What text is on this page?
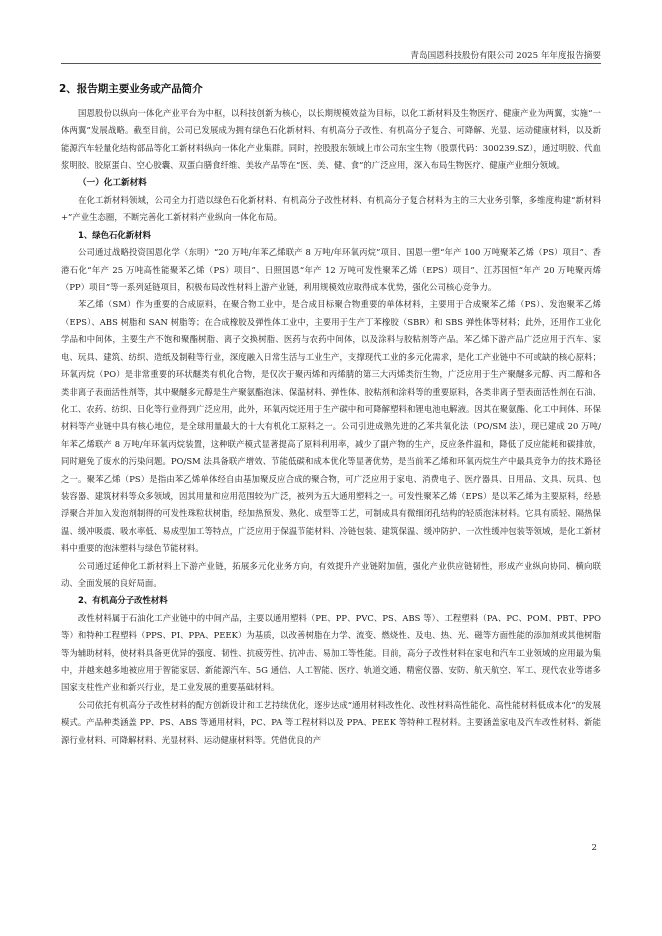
青岛国恩科技股份有限公司 2025 年年度报告摘要
2、报告期主要业务或产品简介

国恩股份以纵向一体化产业平台为中枢，以科技创新为核心，以长期规模效益为目标，以化工新材料及生物医疗、健康产业为两翼，实施“一体两翼”发展战略。截至目前，公司已发展成为拥有绿色石化新材料、有机高分子改性、有机高分子复合、可降解、光显、运动健康材料，以及新能源汽车轻量化结构部品等化工新材料纵向一体化产业集群。同时，控股股东领域上市公司东宝生物（股票代码：300239.SZ），通过明胶、代血浆明胶、胶原蛋白、空心胶囊、双蛋白膳食纤维、美妆产品等在“医、美、健、食”的广泛应用，深入布局生物医疗、健康产业细分领域。

（一）化工新材料

在化工新材料领域，公司全力打造以绿色石化新材料、有机高分子改性材料、有机高分子复合材料为主的三大业务引擎，多维度构建“新材料+”产业生态圈，不断完善化工新材料产业纵向一体化布局。

1、绿色石化新材料

公司通过战略投资国恩化学（东明）“20 万吨/年苯乙烯联产 8 万吨/年环氧丙烷”项目、国恩一塑“年产 100 万吨聚苯乙烯（PS）项目”、香港石化“年产 25 万吨高性能聚苯乙烯（PS）项目”、日照国恩“年产 12 万吨可发性聚苯乙烯（EPS）项目”、江苏国恒“年产 20 万吨聚丙烯（PP）项目”等一系列延链项目，积极布局改性材料上游产业链，利用规模效应取得成本优势，强化公司核心竞争力。

苯乙烯（SM）作为重要的合成原料，在聚合物工业中，是合成目标聚合物重要的单体材料，主要用于合成聚苯乙烯（PS）、发泡聚苯乙烯（EPS）、ABS 树脂和 SAN 树脂等；在合成橡胶及弹性体工业中，主要用于生产丁苯橡胶（SBR）和 SBS 弹性体等材料；此外，还用作工业化学品和中间体，主要生产不饱和聚酯树脂、离子交换树脂、医药与农药中间体，以及涂料与胶粘剂等产品。苯乙烯下游产品广泛应用于汽车、家电、玩具、建筑、纺织、造纸及制鞋等行业，深度融入日常生活与工业生产，支撑现代工业的多元化需求，是化工产业链中不可或缺的核心原料；环氧丙烷（PO）是非常重要的环状醚类有机化合物，是仅次于聚丙烯和丙烯腈的第三大丙烯类衍生物，广泛应用于生产聚醚多元醇、丙二醇和各类非离子表面活性剂等，其中聚醚多元醇是生产聚氨酯泡沫、保温材料、弹性体、胶粘剂和涂料等的重要原料，各类非离子型表面活性剂在石油、化工、农药、纺织、日化等行业得到广泛应用，此外，环氧丙烷还用于生产碳中和可降解塑料和锂电池电解液。因其在聚氨酯、化工中间体、环保材料等产业链中具有核心地位，是全球用量最大的十大有机化工原料之一。公司引进成熟先进的乙苯共氧化法（PO/SM 法），现已建成 20 万吨/年苯乙烯联产 8 万吨/年环氧丙烷装置，这种联产模式显著提高了原料利用率，减少了副产物的生产，反应条件温和，降低了反应能耗和碳排放，同时避免了废水的污染问题。PO/SM 法具备联产增效、节能低碳和成本优化等显著优势，是当前苯乙烯和环氧丙烷生产中最具竞争力的技术路径之一。聚苯乙烯（PS）是指由苯乙烯单体经自由基加聚反应合成的聚合物，可广泛应用于家电、消费电子、医疗器具、日用品、文具、玩具、包装容器、建筑材料等众多领域，因其用量和应用范围较为广泛，被列为五大通用塑料之一。可发性聚苯乙烯（EPS）是以苯乙烯为主要原料，经悬浮聚合并加入发泡剂制得的可发性珠粒状树脂，经加热预发、熟化、成型等工艺，可制成具有微细闭孔结构的轻质泡沫材料。它具有质轻、隔热保温、缓冲吸震、吸水率低、易成型加工等特点，广泛应用于保温节能材料、冷链包装、建筑保温、缓冲防护、一次性缓冲包装等领域，是化工新材料中重要的泡沫塑料与绿色节能材料。

公司通过延伸化工新材料上下游产业链，拓展多元化业务方向，有效提升产业链附加值，强化产业供应链韧性，形成产业纵向协同、横向联动、全面发展的良好局面。

2、有机高分子改性材料

改性材料属于石油化工产业链中的中间产品，主要以通用塑料（PE、PP、PVC、PS、ABS 等）、工程塑料（PA、PC、POM、PBT、PPO 等）和特种工程塑料（PPS、PI、PPA、PEEK）为基质，以改善树脂在力学、流变、燃烧性、及电、热、光、磁等方面性能的添加剂或其他树脂等为辅助材料，使材料具备更优异的强度、韧性、抗疲劳性、抗冲击、易加工等性能。目前，高分子改性材料在家电和汽车工业领域的应用最为集中，并越来越多地被应用于智能家居、新能源汽车、5G 通信、人工智能、医疗、轨道交通、精密仪器、安防、航天航空、军工、现代农业等诸多国家支柱性产业和新兴行业，是工业发展的重要基础材料。

公司依托有机高分子改性材料的配方创新设计和工艺持续优化，逐步达成“通用材料改性化、改性材料高性能化、高性能材料低成本化”的发展模式。产品种类涵盖 PP、PS、ABS 等通用材料，PC、PA 等工程材料以及 PPA、PEEK 等特种工程材料。主要涵盖家电及汽车改性材料、新能源行业材料、可降解材料、光显材料、运动健康材料等。凭借优良的产

2
